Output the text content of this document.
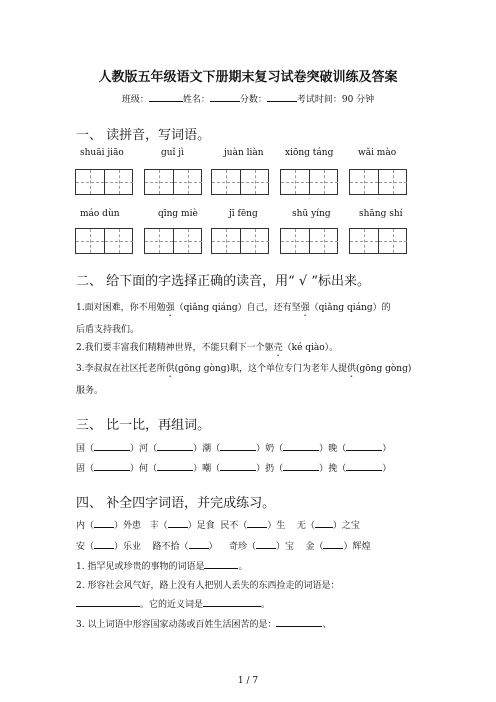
人教版五年级语文下册期末复习试卷突破训练及答案
班级：	姓名：	分数：	考试时间：90 分钟
一、 读拼音，写词语。
shuāi jiāo	guǐ jì	juàn liàn xiōng táng	wǎi mào
máo dùn	qīng miè	jī fēng	shū yíng	shāng shí
二、 给下面的字选择正确的读音，用“ √ ”标出来。
1.面对困难，你不用勉强（qiǎng qiáng）自己，还有坚强（qiǎng qiáng）的
后盾支持我们。
2.我们要丰富我们精精神世界，不能只剩下一个躯壳（ké qiào）。
3.李叔叔在社区托老所供(gōng gòng)职，这个单位专门为老年人提供(gōng gòng)
服务。
三、 比一比，再组词。
国（	）河（	）潮（	）奶（	）晚（	）
固（	）何（	）嘲（	）扔（	）挽（	）
四、 补全四字词语，并完成练习。
内（ ）外患 丰（ ）足食 民不（ ）生 无（ ）之宝
安（ ）乐业 路不拾（ ） 奇珍（ ）宝 金（ ）辉煌
1. 指罕见或珍贵的事物的词语是	。
2. 形容社会风气好，路上没有人把别人丢失的东西捡走的词语是：
。它的近义词是	。
3. 以上词语中形容国家动荡或百姓生活困苦的是：	、
1 / 7
